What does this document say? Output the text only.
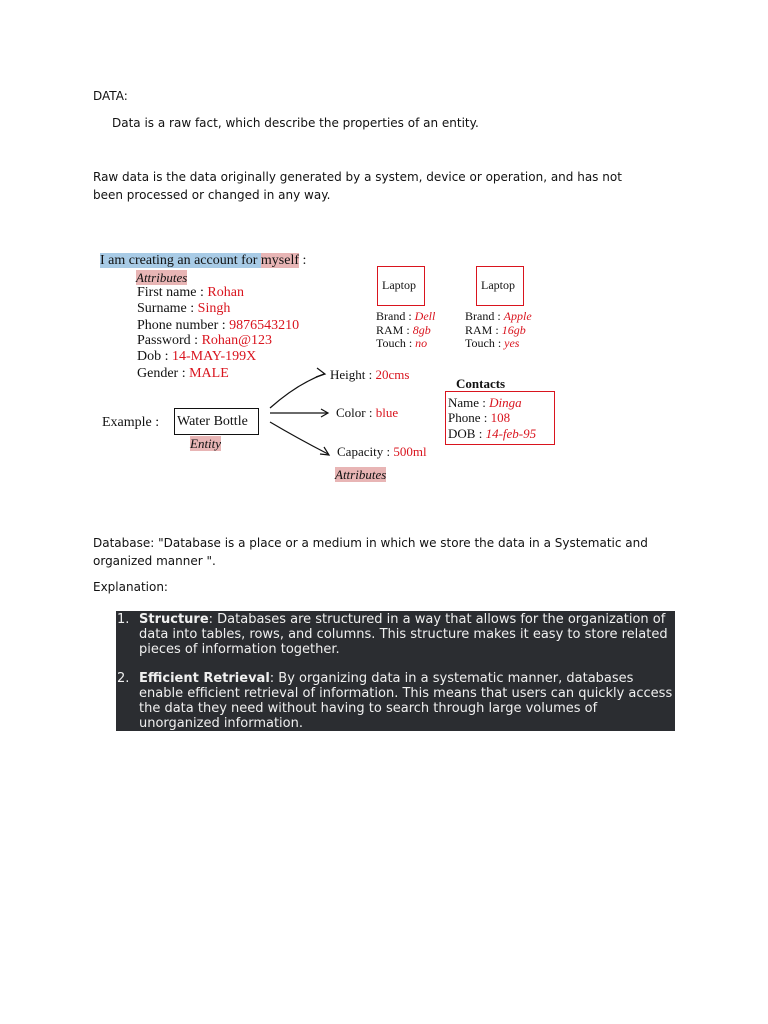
DATA:
Data is a raw fact, which describe the properties of an entity.
Raw data is the data originally generated by a system, device or operation, and has not been processed or changed in any way.
I am creating an account for myself :
Attributes
First name : Rohan
Surname : Singh
Phone number : 9876543210
Password : Rohan@123
Dob : 14-MAY-199X
Gender : MALE
Laptop
Brand : Dell
RAM : 8gb
Touch : no
Laptop
Brand : Apple
RAM : 16gb
Touch : yes
Example : Water Bottle
Entity
Height : 20cms
Color : blue
Capacity : 500ml
Attributes
Contacts
Name : Dinga
Phone : 108
DOB : 14-feb-95
Database: "Database is a place or a medium in which we store the data in a Systematic and organized manner ".
Explanation:
1. Structure: Databases are structured in a way that allows for the organization of data into tables, rows, and columns. This structure makes it easy to store related pieces of information together.
2. Efficient Retrieval: By organizing data in a systematic manner, databases enable efficient retrieval of information. This means that users can quickly access the data they need without having to search through large volumes of unorganized information.
